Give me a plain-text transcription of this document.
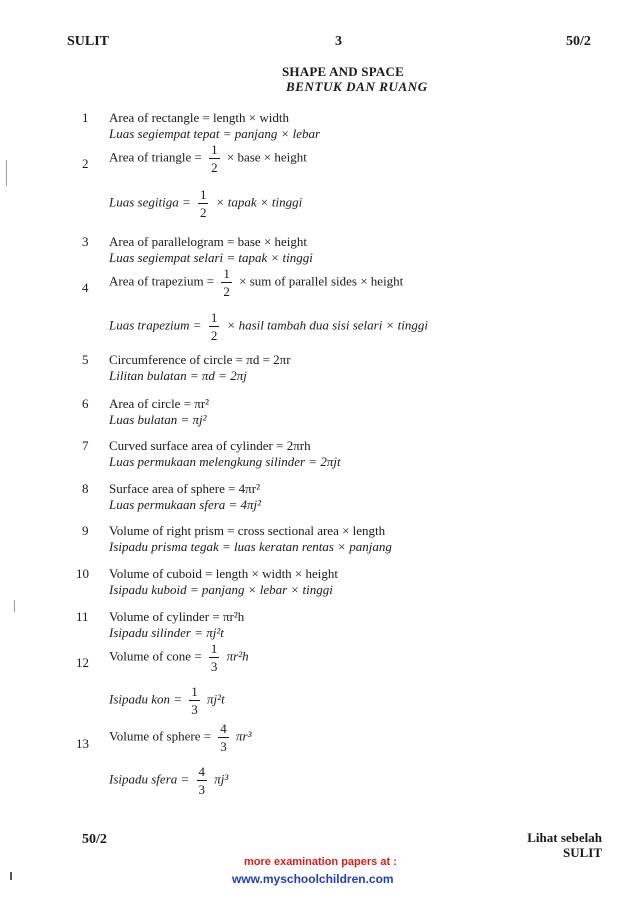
SULIT	3	50/2
SHAPE AND SPACE
BENTUK DAN RUANG
1 Area of rectangle = length × width
Luas segiempat tepat = panjang × lebar
2 Area of triangle = $\frac{1}{2}$ × base × height
Luas segitiga = $\frac{1}{2}$ × tapak × tinggi
3 Area of parallelogram = base × height
Luas segiempat selari = tapak × tinggi
4 Area of trapezium = $\frac{1}{2}$ × sum of parallel sides × height
Luas trapezium = $\frac{1}{2}$ × hasil tambah dua sisi selari × tinggi
5 Circumference of circle = πd = 2πr
Lilitan bulatan = πd = 2πj
6 Area of circle = πr²
Luas bulatan = πj²
7 Curved surface area of cylinder = 2πrh
Luas permukaan melengkung silinder = 2πjt
8 Surface area of sphere = 4πr²
Luas permukaan sfera = 4πj²
9 Volume of right prism = cross sectional area × length
Isipadu prisma tegak = luas keratan rentas × panjang
10 Volume of cuboid = length × width × height
Isipadu kuboid = panjang × lebar × tinggi
11 Volume of cylinder = πr²h
Isipadu silinder = πj²t
12 Volume of cone = $\frac{1}{3} \pi r^2h$
Isipadu kon = $\frac{1}{3} \pi j^2t$
13
Volume of sphere = $\frac{4}{3} \pi r^3$
Isipadu sfera = $\frac{4}{3} \pi j^3$
50/2	Lihat sebelah
SULIT
more examination papers at :
www.myschoolchildren.com
